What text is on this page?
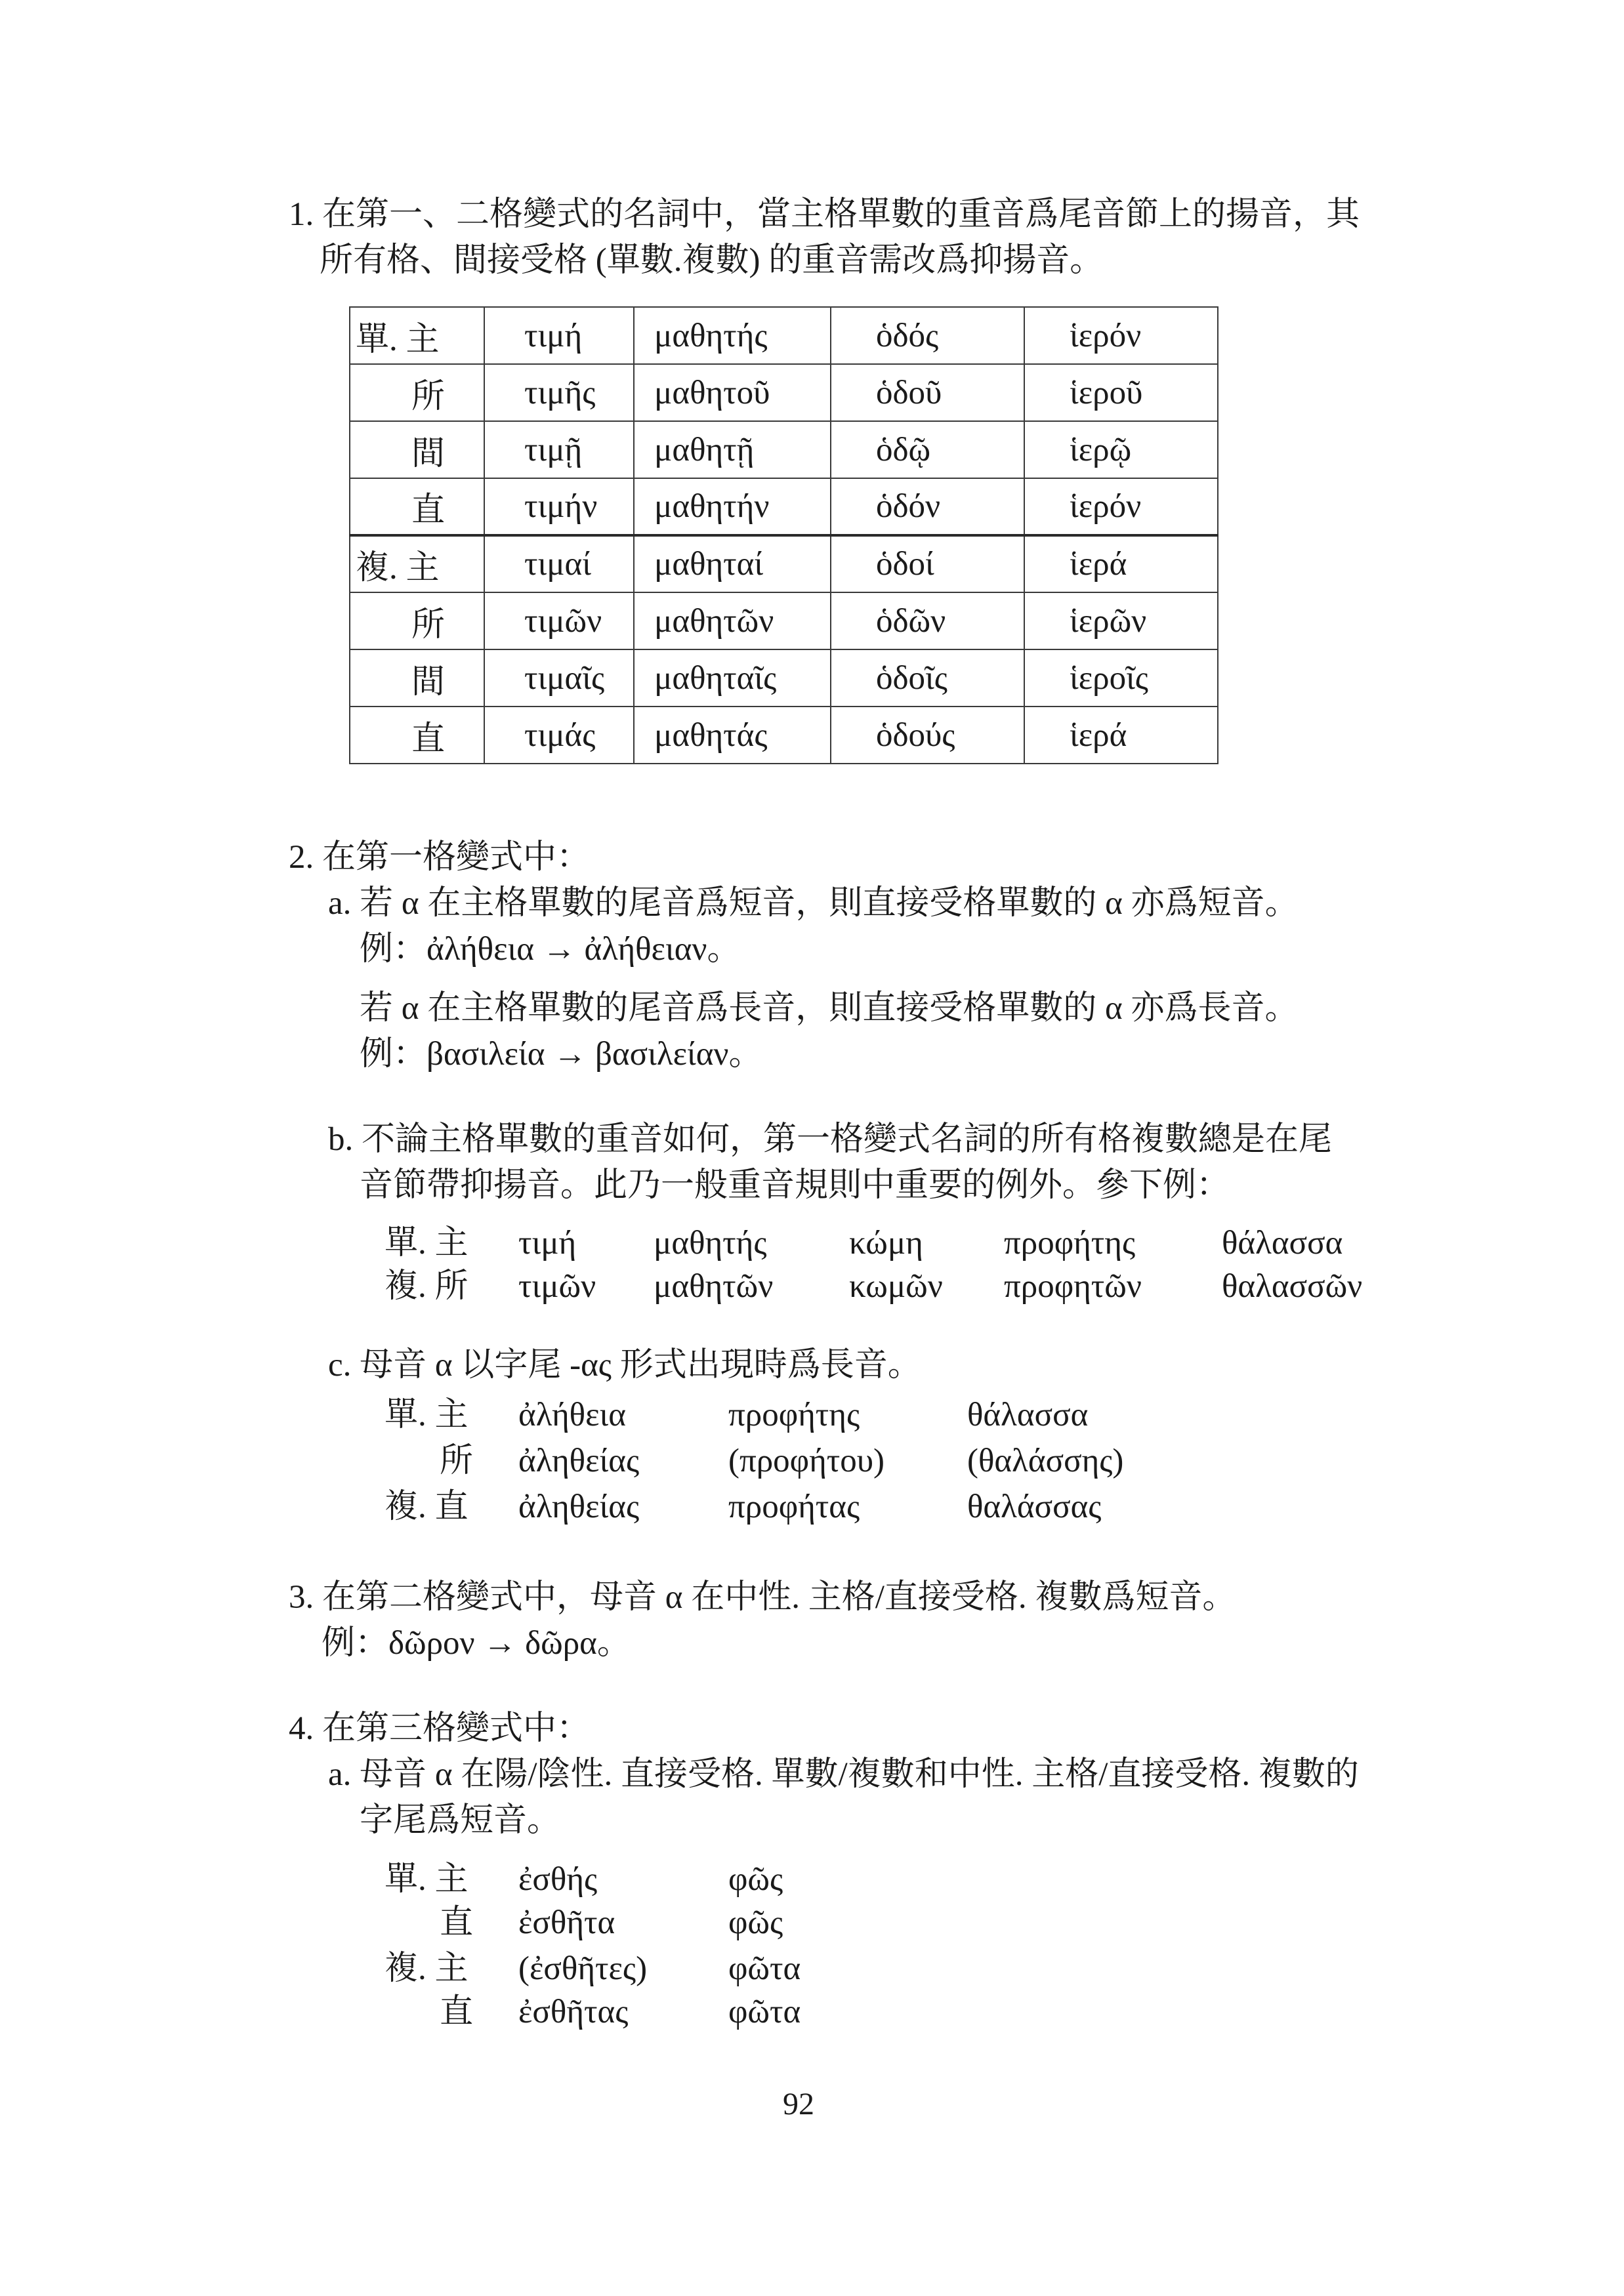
1. 在第一、二格變式的名詞中，當主格單數的重音爲尾音節上的揚音，其
所有格、間接受格 (單數.複數) 的重音需改爲抑揚音。
單. 主	τιμή	μαθητής	ὁδός	ἱερόν
所	τιμῆς	μαθητοῦ	ὁδοῦ	ἱεροῦ
間	τιμῇ	μαθητῇ	ὁδῷ	ἱερῷ
直	τιμήν	μαθητήν	ὁδόν	ἱερόν
複. 主	τιμαί	μαθηταί	ὁδοί	ἱερά
所	τιμῶν	μαθητῶν	ὁδῶν	ἱερῶν
間	τιμαῖς	μαθηταῖς	ὁδοῖς	ἱεροῖς
直	τιμάς	μαθητάς	ὁδούς	ἱερά
2. 在第一格變式中：
a. 若 α 在主格單數的尾音爲短音，則直接受格單數的 α 亦爲短音。
例：ἀλήθεια → ἀλήθειαν。
若 α 在主格單數的尾音爲長音，則直接受格單數的 α 亦爲長音。
例：βασιλεία → βασιλείαν。
b. 不論主格單數的重音如何，第一格變式名詞的所有格複數總是在尾
音節帶抑揚音。此乃一般重音規則中重要的例外。參下例：
單. 主 τιμή μαθητής κώμη προφήτης	θάλασσα
複. 所 τιμῶν μαθητῶν κωμῶν προφητῶν θαλασσῶν
c. 母音 α 以字尾 -ας 形式出現時爲長音。
單. 主 ἀλήθεια	προφήτης	θάλασσα
所 ἀληθείας	(προφήτου) (θαλάσσης)
複. 直 ἀληθείας	προφήτας	θαλάσσας
3. 在第二格變式中，母音 α 在中性. 主格/直接受格. 複數爲短音。
例：δῶρον → δῶρα。
4. 在第三格變式中：
a. 母音 α 在陽/陰性. 直接受格. 單數/複數和中性. 主格/直接受格. 複數的
字尾爲短音。
單. 主 ἐσθής	φῶς
直 ἐσθῆτα	φῶς
複. 主 (ἐσθῆτες) φῶτα
直 ἐσθῆτας	φῶτα
92
